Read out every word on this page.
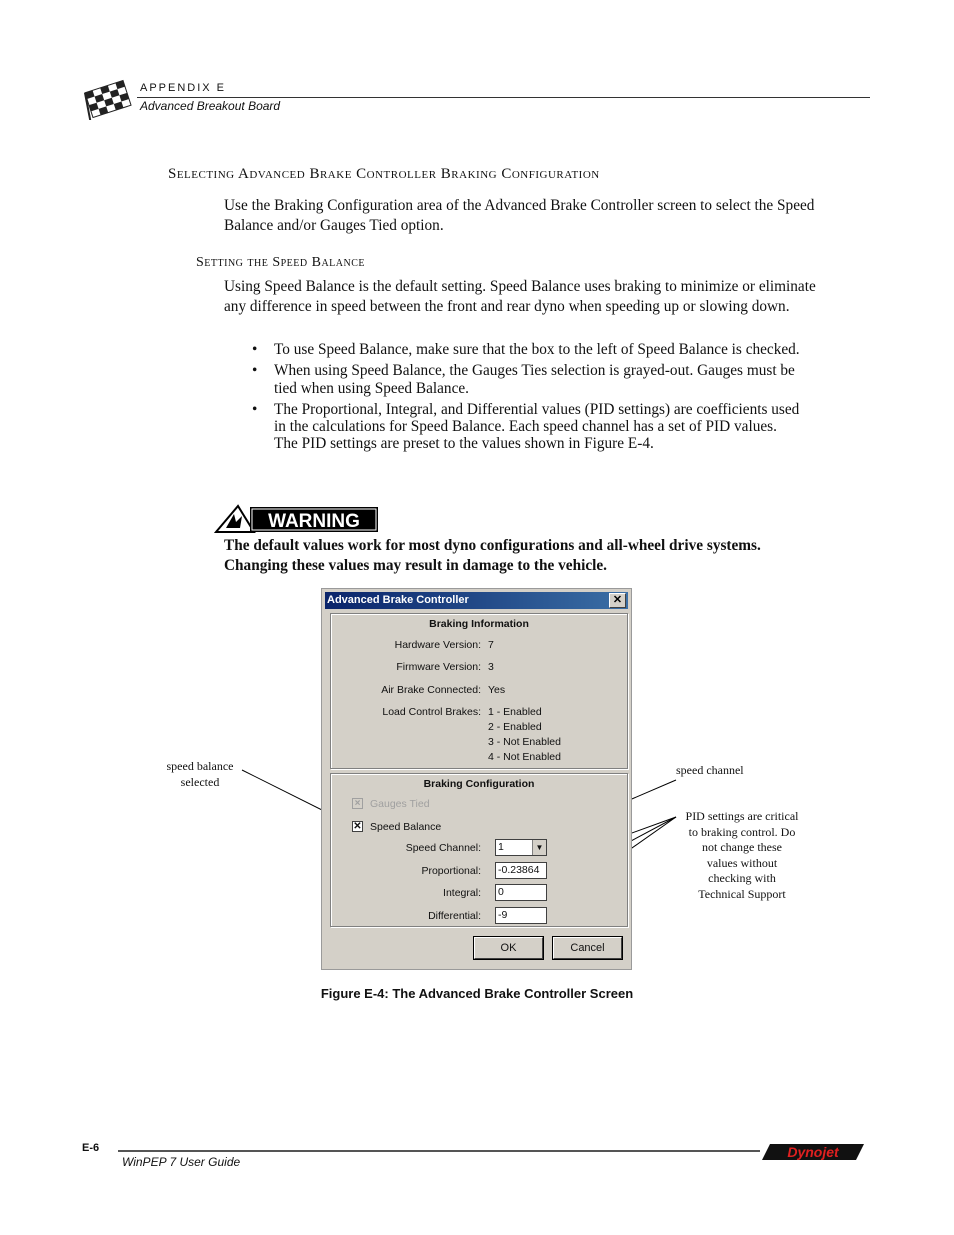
APPENDIX E
Advanced Breakout Board
Selecting Advanced Brake Controller Braking Configuration
Use the Braking Configuration area of the Advanced Brake Controller screen to select the Speed Balance and/or Gauges Tied option.
Setting the Speed Balance
Using Speed Balance is the default setting. Speed Balance uses braking to minimize or eliminate any difference in speed between the front and rear dyno when speeding up or slowing down.
• To use Speed Balance, make sure that the box to the left of Speed Balance is checked.
• When using Speed Balance, the Gauges Ties selection is grayed-out. Gauges must be tied when using Speed Balance.
• The Proportional, Integral, and Differential values (PID settings) are coefficients used in the calculations for Speed Balance. Each speed channel has a set of PID values. The PID settings are preset to the values shown in Figure E-4.
WARNING
The default values work for most dyno configurations and all-wheel drive systems. Changing these values may result in damage to the vehicle.
speed balance
selected
speed channel
PID settings are critical
to braking control. Do
not change these
values without
checking with
Technical Support
Advanced Brake Controller	✕
Braking Information
Hardware Version: 7
Firmware Version: 3
Air Brake Connected: Yes
Load Control Brakes: 1 - Enabled
2 - Enabled
3 - Not Enabled
4 - Not Enabled
Braking Configuration
× Gauges Tied
✕ Speed Balance
Speed Channel: 1	▼
Proportional: -0.23864
Integral: 0
Differential: -9
OK	Cancel
Figure E-4: The Advanced Brake Controller Screen
E-6
WinPEP 7 User Guide
Dynojet
